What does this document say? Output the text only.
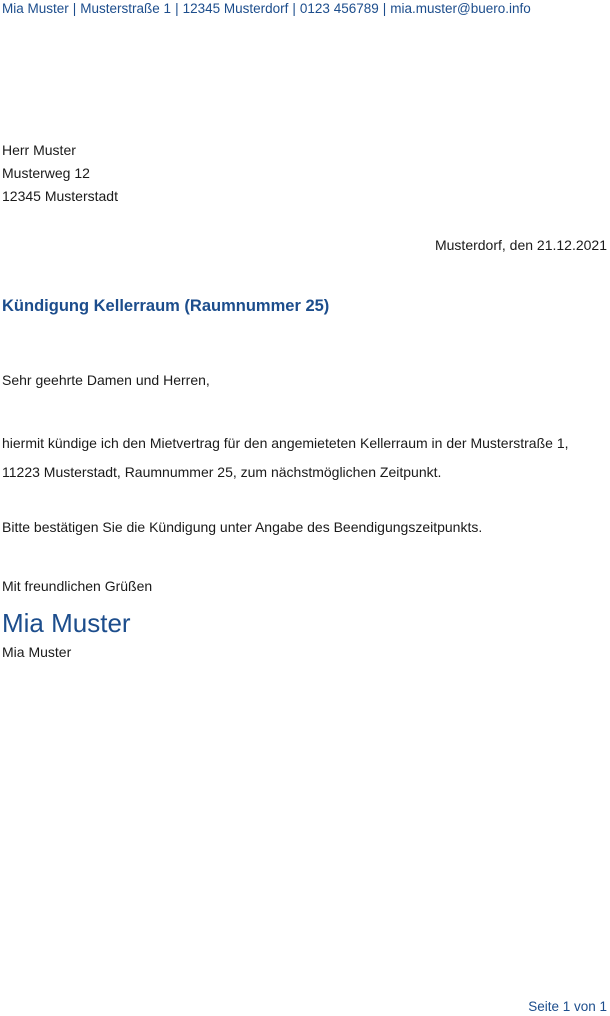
Mia Muster | Musterstraße 1 | 12345 Musterdorf | 0123 456789 | mia.muster@buero.info
Herr Muster
Musterweg 12
12345 Musterstadt
Musterdorf, den 21.12.2021
Kündigung Kellerraum (Raumnummer 25)
Sehr geehrte Damen und Herren,
hiermit kündige ich den Mietvertrag für den angemieteten Kellerraum in der Musterstraße 1, 11223 Musterstadt, Raumnummer 25, zum nächstmöglichen Zeitpunkt.
Bitte bestätigen Sie die Kündigung unter Angabe des Beendigungszeitpunkts.
Mit freundlichen Grüßen
Mia Muster
Mia Muster
Seite 1 von 1
